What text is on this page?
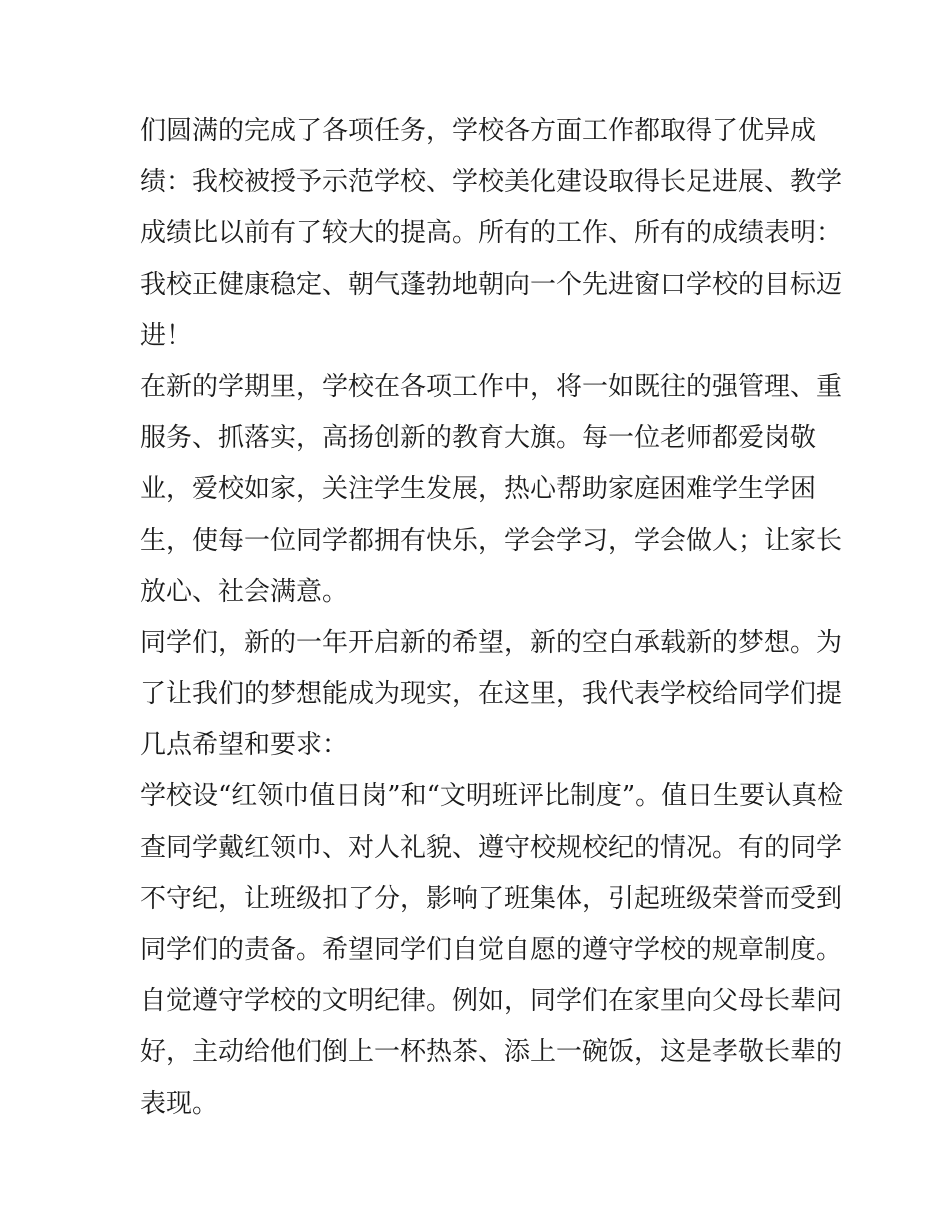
们圆满的完成了各项任务，学校各方面工作都取得了优异成
绩：我校被授予示范学校、学校美化建设取得长足进展、教学
成绩比以前有了较大的提高。所有的工作、所有的成绩表明：
我校正健康稳定、朝气蓬勃地朝向一个先进窗口学校的目标迈
进！
在新的学期里，学校在各项工作中，将一如既往的强管理、重
服务、抓落实，高扬创新的教育大旗。每一位老师都爱岗敬
业，爱校如家，关注学生发展，热心帮助家庭困难学生学困
生，使每一位同学都拥有快乐，学会学习，学会做人；让家长
放心、社会满意。
同学们，新的一年开启新的希望，新的空白承载新的梦想。为
了让我们的梦想能成为现实，在这里，我代表学校给同学们提
几点希望和要求：
学校设“红领巾值日岗”和“文明班评比制度”。值日生要认真检
查同学戴红领巾、对人礼貌、遵守校规校纪的情况。有的同学
不守纪，让班级扣了分，影响了班集体，引起班级荣誉而受到
同学们的责备。希望同学们自觉自愿的遵守学校的规章制度。
自觉遵守学校的文明纪律。例如，同学们在家里向父母长辈问
好，主动给他们倒上一杯热茶、添上一碗饭，这是孝敬长辈的
表现。
